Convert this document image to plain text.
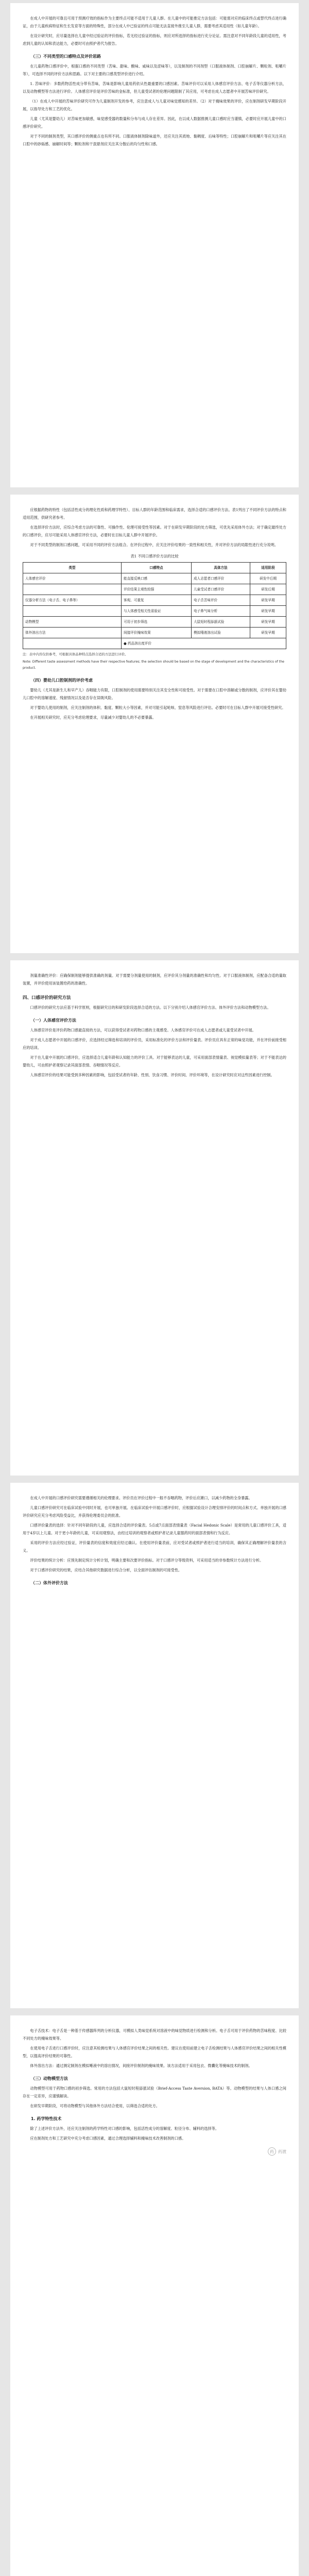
在成人中开展的可靠且可用于预测疗效的指标作为主要终点可能不适用于儿童人群。在儿童中的可能推定方法包括：可能需对应的临床终点或替代终点进行确证，由于儿童疾病特征和生长发育等方面的特殊性，部分在成人中已验证的终点可能无法直接外推至儿童人群，需要考虑其适用性（如儿童年龄）。

在设计研究时，应尽量选择在儿童中经过验证的评价指标，若无经过验证的指标，则应对所选择的指标进行充分论证。需注意对不同年龄段儿童的适用性，考虑到儿童的认知和表达能力，必要时可由照护者代为报告。

（三）不同类型的口感特点及评价思路

在儿童药物口感评价中，根据口感的不同类型（苦味、甜味、酸味、咸味以及涩味等），以及制剂的不同剂型（口服液体制剂、口腔崩解片、颗粒剂、咀嚼片等），可选择不同的评价方法和思路。以下对主要的口感类型评价进行介绍。

1. 苦味评价：多数药物活性成分带有苦味，苦味是影响儿童用药依从性最重要的口感因素。苦味评价可以采用人体感官评价方法、电子舌等仪器分析方法，以及动物模型等方法进行评价。人体感官评价是评价苦味的金标准，但儿童受试者的伦理问题限制了其应用，可考虑在成人志愿者中开展苦味评价研究。

（1）在成人中开展的苦味评价研究可作为儿童制剂开发的参考，应注意成人与儿童对味觉感知的差异。（2）对于掩味效果的评价，应在制剂研发早期阶段开展，以指导处方和工艺的优化。

儿童（尤其是婴幼儿）对苦味更加敏感，味觉感受器的数量和分布与成人存在差异。因此，在以成人数据推测儿童口感时应当谨慎，必要时应开展儿童中的口感评价研究。

对于不同的制剂类型，其口感评价的侧重点也有所不同。口服液体制剂除味道外，还应关注其质地、黏稠度、后味等特性；口腔崩解片和咀嚼片等应关注其在口腔中的砂砾感、崩解时间等；颗粒剂和干混悬剂应关注其分散后的均匀性和口感。

应根据药物的特性（包括活性成分的理化性质和药理学特性）、目标人群的年龄范围和临床需求，选择合适的口感评价方法。表1列出了不同评价方法的特点和适用范围，供研究者参考。

在选择评价方法时，应综合考虑方法的可靠性、可操作性、伦理可接受性等因素。对于在研发早期阶段的处方筛选，可优先采用体外方法；对于确定最终处方的口感评价，应尽可能采用人体感官评价方法，必要时在目标儿童人群中开展评价。

对于不同类型的制剂口感问题，可采用不同的评价方法组合。在评价过程中，应关注评价结果的一致性和相关性，并对评价方法的局限性进行充分说明。

表1 不同口感评价方法的比较
类型	口感特点	具体方法	适用阶段
人体感官评价	能直接反映口感	成人志愿者口感评价	研发中后期
	评价结果主观性较强	儿童受试者口感评价	研发后期
仪器分析方法（电子舌、电子鼻等）	客观、可重复	电子舌苦味评价	研发早期
	与人体感受相关性需验证	电子鼻气味分析	研发早期
动物模型	可用于初步筛选	大鼠短时程舔舐试验	研发早期
体外溶出方法	间接评价掩味效果	模拟唾液溶出试验	研发早期
	● 药品溶出度评价		
注：表中内容仅供参考，可根据具体品种特点选择合适的方法进行评价。
Note: Different taste assessment methods have their respective features; the selection should be based on the stage of development and the characteristics of the product.
（四）婴幼儿口腔制剂的评价考虑

婴幼儿（尤其是新生儿和早产儿）吞咽能力有限，口腔制剂的使用需要特别关注其安全性和可接受性。对于需要在口腔中溶解或分散的制剂，应评价其在婴幼儿口腔中的溶解速度、残留情况以及是否存在误吸风险。

对于婴幼儿使用的制剂，应关注制剂的体积、黏度、颗粒大小等因素，并对可能引起呛咳、窒息等风险进行评估。必要时可在目标人群中开展可接受性研究。

在开展相关研究时，应充分考虑伦理要求，尽量减少对婴幼儿的不必要暴露。

剂量准确性评价：应确保制剂能够提供准确的剂量。对于需要分剂量使用的制剂，应评价其分剂量的准确性和均匀性。对于口服液体制剂，应配备合适的量取装置，并评价使用该装置给药的准确性。

四、口感评价的研究方法

口感评价的研究方法应基于科学原则，根据研究目的和研发阶段选择合适的方法。以下分别介绍人体感官评价方法、体外评价方法和动物模型方法。

（一）人体感官评价方法

人体感官评价是评价药物口感最直接的方法，可以获得受试者对药物口感的主观感受。人体感官评价可在成人志愿者或儿童受试者中开展。

对于成人志愿者中开展的口感评价，应选择经过筛选和培训的评价员，采用标准化的评价方法和评价量表。评价员应具有正常的味觉功能，并在评价前接受相应的培训。

对于在儿童中开展的口感评价，应选择适合儿童年龄和认知能力的评价工具。对于能够表达的儿童，可采用面部表情量表、视觉模拟量表等；对于不能表达的婴幼儿，可由照护者观察记录其面部表情、吞咽情况等反应。

人体感官评价的结果可能受到多种因素的影响，包括受试者的年龄、性别、饮食习惯、评价时间、评价环境等，在设计研究时应对这些因素进行控制。

在成人中开展的口感评价研究需要遵循相关的伦理要求。评价员在评价过程中一般不吞咽药物，评价后应漱口，以减少药物的全身暴露。

儿童口感评价研究可在临床试验中同时开展，也可单独开展。在临床试验中开展口感评价时，应根据试验设计合理安排评价的时间点和方式。单独开展的口感评价研究应充分考虑风险受益比，并获得伦理委员会的批准。

口感评价量表的选择：针对不同年龄段的儿童，应选择合适的评价量表。5点或7点面部表情量表（Facial Hedonic Scale）是常用的儿童口感评价工具，适用于4岁以上儿童。对于更小年龄的儿童，可采用观察法，由经过培训的观察者或照护者记录儿童服药时的面部表情和行为反应。

采用的评价方法应经过验证，评价量表的信度和效度应经过确认。在使用评价量表前，应对受试者或照护者进行适当的培训，确保其正确理解评价量表的含义。

评价结果的统计分析：应预先制定统计分析计划，明确主要和次要评价指标。对于口感评分等级资料，可采用适当的非参数统计方法进行分析。

对于口感评价研究的结果，应结合其他研究数据进行综合分析，以全面评估制剂的可接受性。

（二）体外评价方法

电子舌技术：电子舌是一种基于传感器阵列的分析仪器，可模拟人类味觉系统对溶液中的味觉物质进行检测和分析。电子舌可用于评价药物的苦味程度、比较不同处方的掩味效果等。

在使用电子舌进行口感评价时，应注意其检测结果与人体感官评价结果之间的相关性。建议在使用前建立电子舌检测结果与人体感官评价结果之间的相关性模型，以提高评价结果的可靠性。

体外溶出方法：通过测定制剂在模拟唾液中的溶出情况，间接评价制剂的掩味效果。该方法适用于采用包衣、微囊化等掩味技术的制剂。

（三）动物模型方法

动物模型可用于药物口感的初步筛选。常用的方法包括大鼠短时程舔舐试验（Brief-Access Taste Aversion, BATA）等。动物模型的结果与人体口感之间存在一定差异，应谨慎解读。

在研发早期阶段，可将动物模型与其他体外方法结合使用，以筛选合适的处方。

1. 药学特性技术

除了上述评价方法外，还应关注制剂的药学特性对口感的影响，包括活性成分的溶解度、粒径分布、辅料的选择等。

应在制剂处方和工艺研究中充分考虑口感因素，通过合理选择辅料和掩味技术改善制剂的口感。

药	药渡
